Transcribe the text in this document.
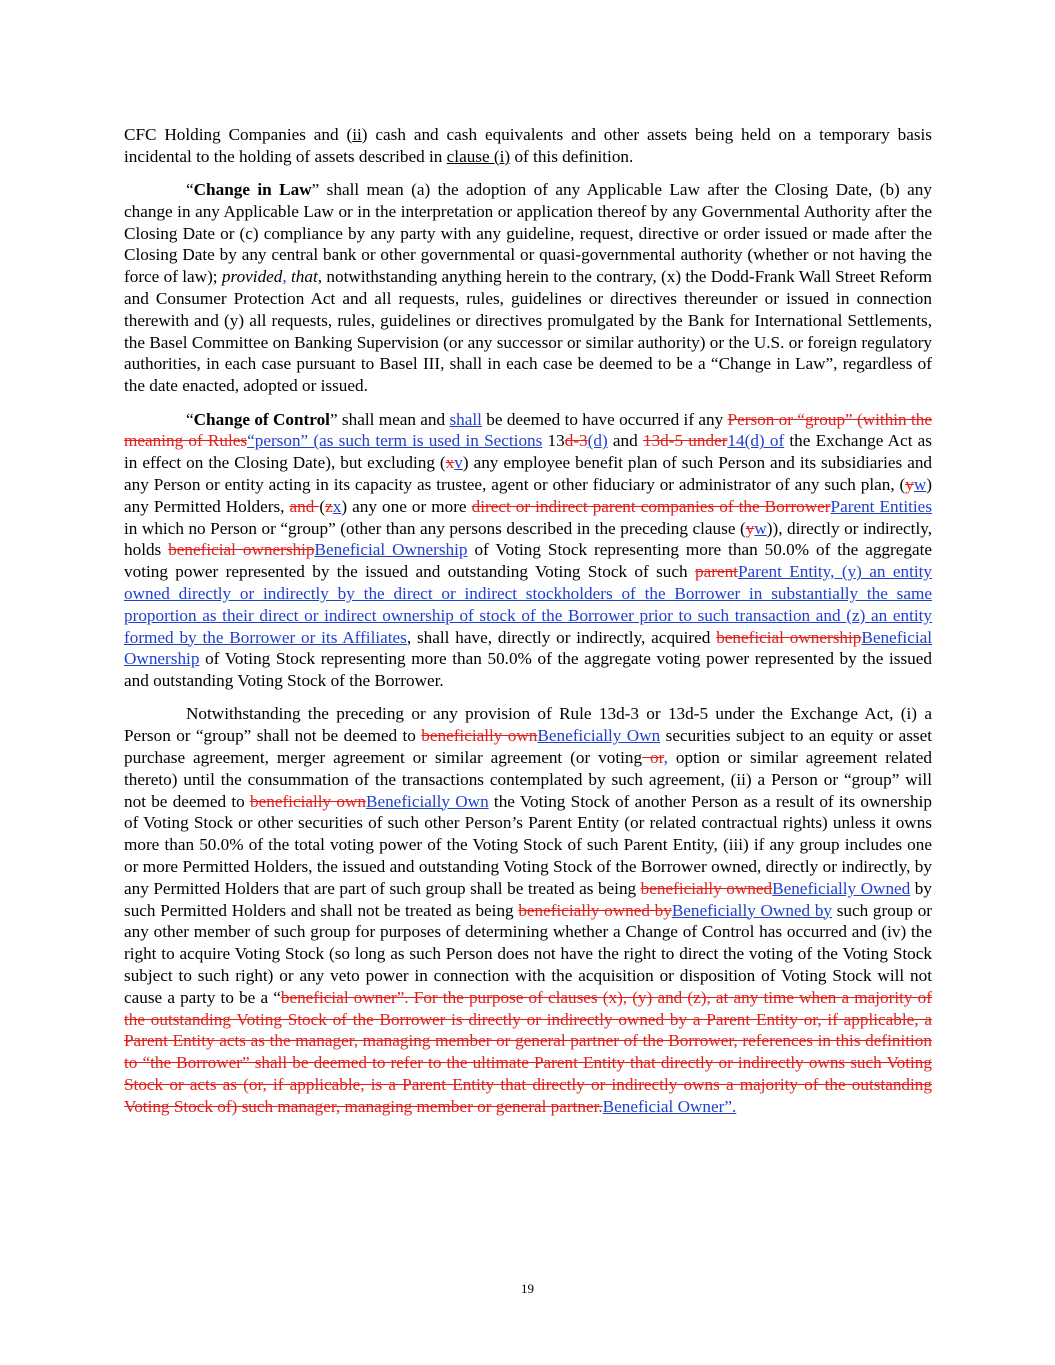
CFC Holding Companies and (ii) cash and cash equivalents and other assets being held on a temporary basis incidental to the holding of assets described in clause (i) of this definition.

“Change in Law” shall mean (a) the adoption of any Applicable Law after the Closing Date, (b) any change in any Applicable Law or in the interpretation or application thereof by any Governmental Authority after the Closing Date or (c) compliance by any party with any guideline, request, directive or order issued or made after the Closing Date by any central bank or other governmental or quasi-governmental authority (whether or not having the force of law); provided, that, notwithstanding anything herein to the contrary, (x) the Dodd-Frank Wall Street Reform and Consumer Protection Act and all requests, rules, guidelines or directives thereunder or issued in connection therewith and (y) all requests, rules, guidelines or directives promulgated by the Bank for International Settlements, the Basel Committee on Banking Supervision (or any successor or similar authority) or the U.S. or foreign regulatory authorities, in each case pursuant to Basel III, shall in each case be deemed to be a “Change in Law”, regardless of the date enacted, adopted or issued.

“Change of Control” shall mean and shall be deemed to have occurred if any Person or “group” (within the meaning of Rules“person” (as such term is used in Sections 13d-3(d) and 13d-5 under14(d) of the Exchange Act as in effect on the Closing Date), but excluding (xv) any employee benefit plan of such Person and its subsidiaries and any Person or entity acting in its capacity as trustee, agent or other fiduciary or administrator of any such plan, (yw) any Permitted Holders, and (zx) any one or more direct or indirect parent companies of the BorrowerParent Entities in which no Person or “group” (other than any persons described in the preceding clause (yw)), directly or indirectly, holds beneficial ownershipBeneficial Ownership of Voting Stock representing more than 50.0% of the aggregate voting power represented by the issued and outstanding Voting Stock of such parentParent Entity, (y) an entity owned directly or indirectly by the direct or indirect stockholders of the Borrower in substantially the same proportion as their direct or indirect ownership of stock of the Borrower prior to such transaction and (z) an entity formed by the Borrower or its Affiliates, shall have, directly or indirectly, acquired beneficial ownershipBeneficial Ownership of Voting Stock representing more than 50.0% of the aggregate voting power represented by the issued and outstanding Voting Stock of the Borrower.

Notwithstanding the preceding or any provision of Rule 13d-3 or 13d-5 under the Exchange Act, (i) a Person or “group” shall not be deemed to beneficially ownBeneficially Own securities subject to an equity or asset purchase agreement, merger agreement or similar agreement (or voting or, option or similar agreement related thereto) until the consummation of the transactions contemplated by such agreement, (ii) a Person or “group” will not be deemed to beneficially ownBeneficially Own the Voting Stock of another Person as a result of its ownership of Voting Stock or other securities of such other Person’s Parent Entity (or related contractual rights) unless it owns more than 50.0% of the total voting power of the Voting Stock of such Parent Entity, (iii) if any group includes one or more Permitted Holders, the issued and outstanding Voting Stock of the Borrower owned, directly or indirectly, by any Permitted Holders that are part of such group shall be treated as being beneficially ownedBeneficially Owned by such Permitted Holders and shall not be treated as being beneficially owned byBeneficially Owned by such group or any other member of such group for purposes of determining whether a Change of Control has occurred and (iv) the right to acquire Voting Stock (so long as such Person does not have the right to direct the voting of the Voting Stock subject to such right) or any veto power in connection with the acquisition or disposition of Voting Stock will not cause a party to be a “beneficial owner”. For the purpose of clauses (x), (y) and (z), at any time when a majority of the outstanding Voting Stock of the Borrower is directly or indirectly owned by a Parent Entity or, if applicable, a Parent Entity acts as the manager, managing member or general partner of the Borrower, references in this definition to “the Borrower” shall be deemed to refer to the ultimate Parent Entity that directly or indirectly owns such Voting Stock or acts as (or, if applicable, is a Parent Entity that directly or indirectly owns a majority of the outstanding Voting Stock of) such manager, managing member or general partner.Beneficial Owner”.

19
